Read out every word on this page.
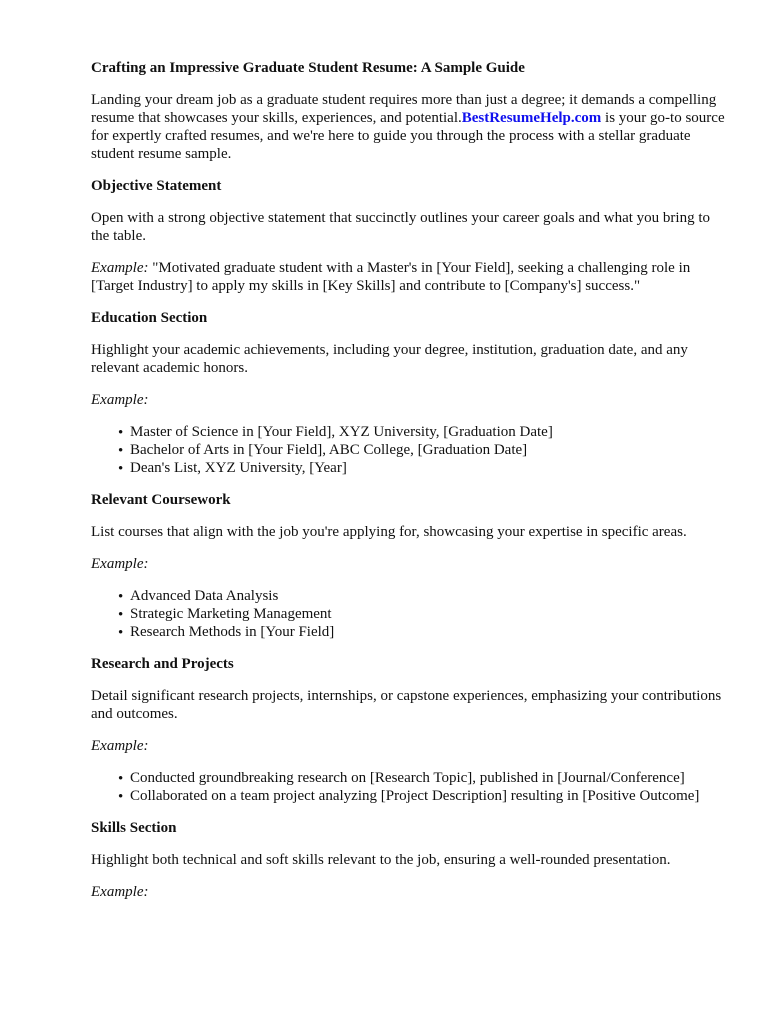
Crafting an Impressive Graduate Student Resume: A Sample Guide

Landing your dream job as a graduate student requires more than just a degree; it demands a compelling resume that showcases your skills, experiences, and potential.BestResumeHelp.com is your go-to source for expertly crafted resumes, and we're here to guide you through the process with a stellar graduate student resume sample.

Objective Statement

Open with a strong objective statement that succinctly outlines your career goals and what you bring to the table.

Example: "Motivated graduate student with a Master's in [Your Field], seeking a challenging role in [Target Industry] to apply my skills in [Key Skills] and contribute to [Company's] success."

Education Section

Highlight your academic achievements, including your degree, institution, graduation date, and any relevant academic honors.

Example:

• Master of Science in [Your Field], XYZ University, [Graduation Date]
• Bachelor of Arts in [Your Field], ABC College, [Graduation Date]
• Dean's List, XYZ University, [Year]
Relevant Coursework

List courses that align with the job you're applying for, showcasing your expertise in specific areas.

Example:

• Advanced Data Analysis
• Strategic Marketing Management
• Research Methods in [Your Field]
Research and Projects

Detail significant research projects, internships, or capstone experiences, emphasizing your contributions and outcomes.

Example:

• Conducted groundbreaking research on [Research Topic], published in [Journal/Conference]
• Collaborated on a team project analyzing [Project Description] resulting in [Positive Outcome]
Skills Section

Highlight both technical and soft skills relevant to the job, ensuring a well-rounded presentation.

Example:
